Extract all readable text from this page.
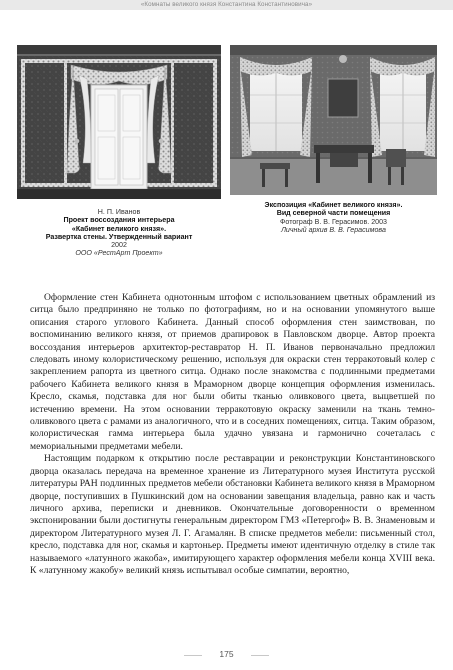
«Комнаты великого князя Константина Константиновича»
Н. П. Иванов
Проект воссоздания интерьера
«Кабинет великого князя».
Развертка стены. Утвержденный вариант
2002
ООО «РестАрт Проект»
Экспозиция «Кабинет великого князя».
Вид северной части помещения
Фотограф В. В. Герасимов. 2003
Личный архив В. В. Герасимова

Оформление стен Кабинета однотонным штофом с использованием цветных обрамлений из ситца было предприняно не только по фотографиям, но и на основании упомянутого выше описания старого углового Кабинета. Данный способ оформления стен заимствован, по воспоминанию великого князя, от приемов драпировок в Павловском дворце. Автор проекта воссоздания интерьеров архитектор-реставратор Н. П. Иванов первоначально предложил следовать иному колористическому решению, используя для окраски стен терракотовый колер с закреплением рапорта из цветного ситца. Однако после знакомства с подлинными предметами рабочего Кабинета великого князя в Мраморном дворце концепция оформления изменилась. Кресло, скамья, подставка для ног были обиты тканью оливкового цвета, выцветшей по истечению времени. На этом основании терракотовую окраску заменили на ткань темно-оливкового цвета с рамами из аналогичного, что и в соседних помещениях, ситца. Таким образом, колористическая гамма интерьера была удачно увязана и гармонично сочеталась с мемориальными предметами мебели.

Настоящим подарком к открытию после реставрации и реконструкции Константиновского дворца оказалась передача на временное хранение из Литературного музея Института русской литературы РАН подлинных предметов мебели обстановки Кабинета великого князя в Мраморном дворце, поступивших в Пушкинский дом на основании завещания владельца, равно как и часть личного архива, переписки и дневников. Окончательные договоренности о временном экспонировании были достигнуты генеральным директором ГМЗ «Петергоф» В. В. Знаменовым и директором Литературного музея Л. Г. Агамалян. В списке предметов мебели: письменный стол, кресло, подставка для ног, скамья и картоньер. Предметы имеют идентичную отделку в стиле так называемого «латунного жакоба», имитирующего характер оформления мебели конца XVIII века. К «латунному жакобу» великий князь испытывал особые симпатии, вероятно,

175
